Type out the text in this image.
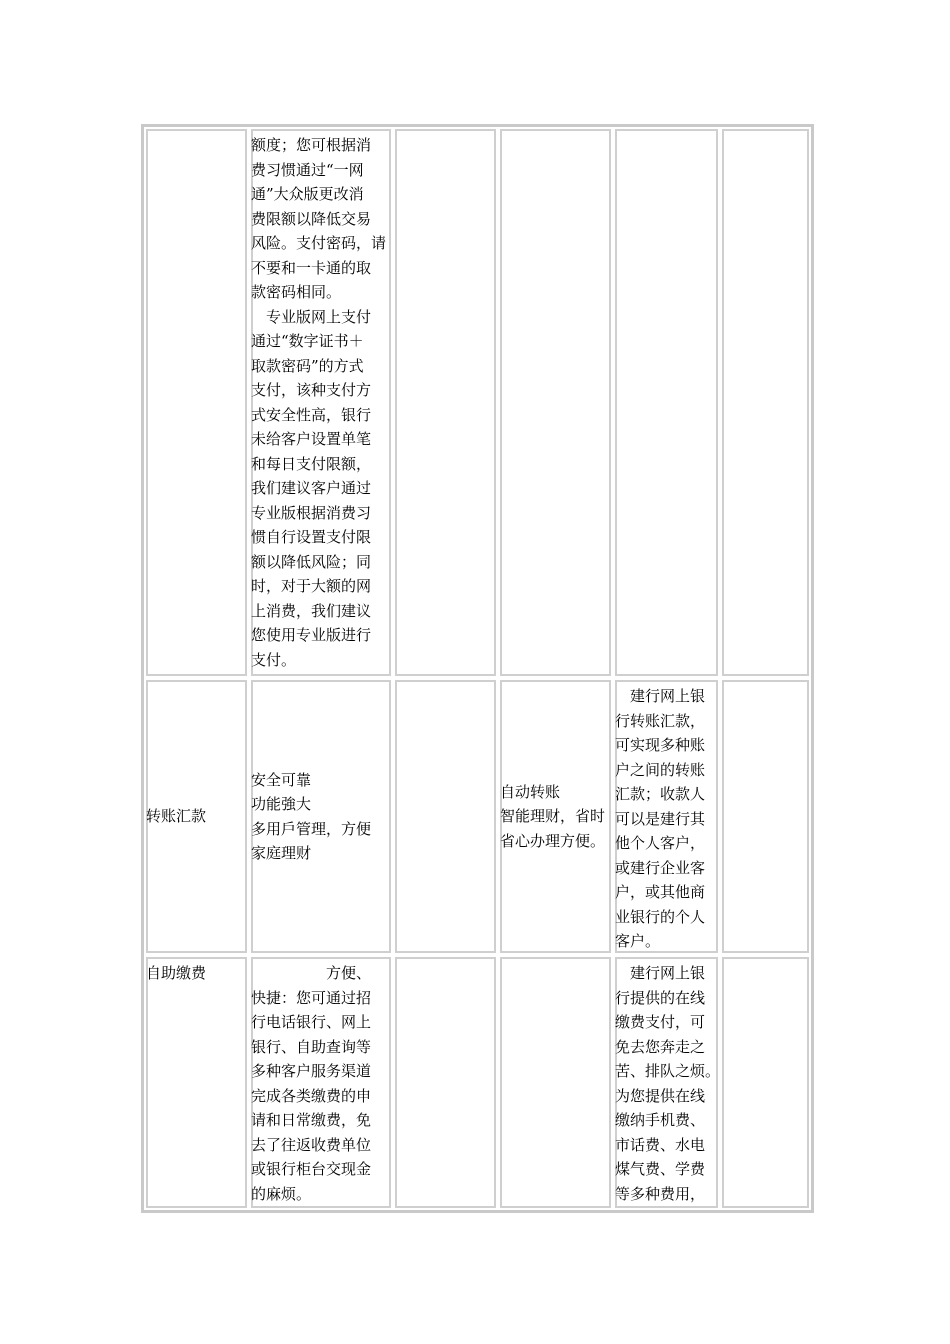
额度；您可根据消
费习惯通过“一网
通”大众版更改消
费限额以降低交易
风险。支付密码，请
不要和一卡通的取
款密码相同。
　专业版网上支付
通过“数字证书＋
取款密码”的方式
支付，该种支付方
式安全性高，银行
未给客户设置单笔
和每日支付限额，
我们建议客户通过
专业版根据消费习
惯自行设置支付限
额以降低风险；同
时，对于大额的网
上消费，我们建议
您使用专业版进行
支付。
转账汇款
安全可靠
功能強大
多用戶管理，方便
家庭理财
自动转账
智能理财，省时
省心办理方便。
　建行网上银
行转账汇款，
可实现多种账
户之间的转账
汇款；收款人
可以是建行其
他个人客户，
或建行企业客
户，或其他商
业银行的个人
客户。
自助缴费	　　　　　方便、
快捷：您可通过招
行电话银行、网上
银行、自助查询等
多种客户服务渠道
完成各类缴费的申
请和日常缴费，免
去了往返收费单位
或银行柜台交现金
的麻烦。
　建行网上银
行提供的在线
缴费支付，可
免去您奔走之
苦、排队之烦。
为您提供在线
缴纳手机费、
市话费、水电
煤气费、学费
等多种费用，
